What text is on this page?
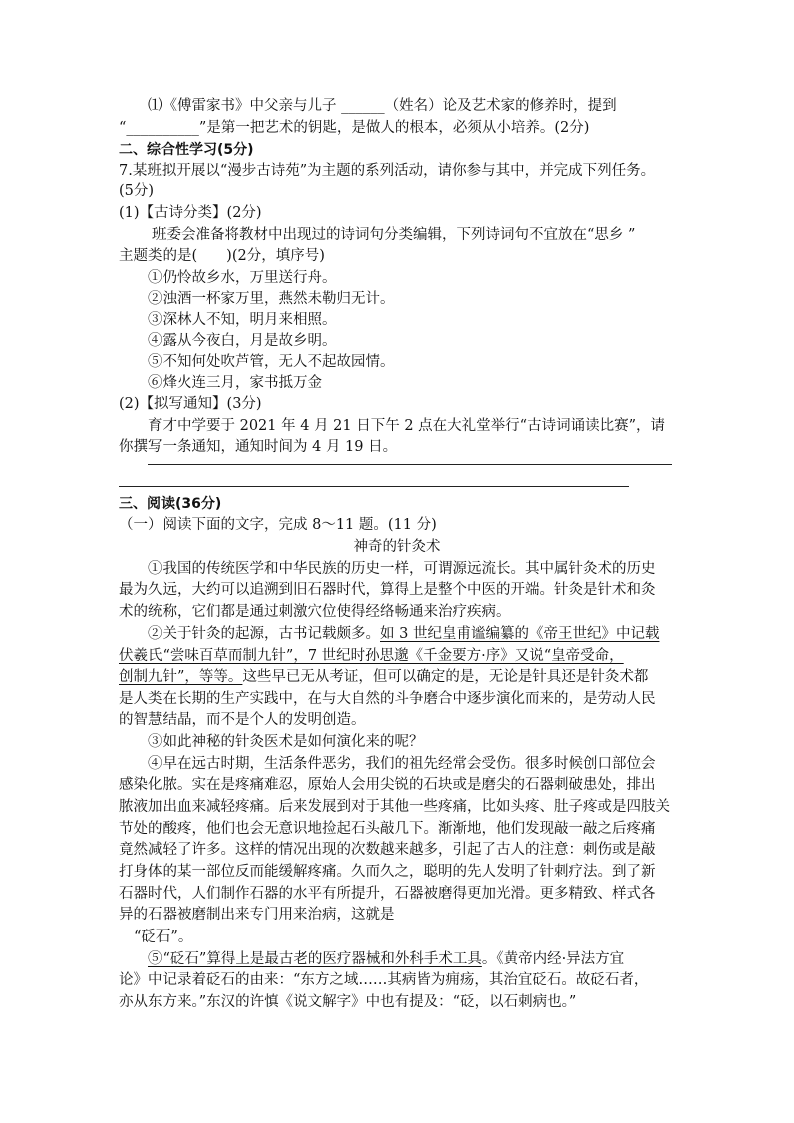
⑴《傅雷家书》中父亲与儿子 ______（姓名）论及艺术家的修养时，提到
“__________”是第一把艺术的钥匙，是做人的根本，必须从小培养。(2分)
二、综合性学习(5分)
7.某班拟开展以“漫步古诗苑”为主题的系列活动，请你参与其中，并完成下列任务。
(5分)
(1)【古诗分类】(2分)
班委会准备将教材中出现过的诗词句分类编辑，下列诗词句不宜放在“思乡 ”
主题类的是(　　)(2分，填序号)
①仍怜故乡水，万里送行舟。
②浊酒一杯家万里，燕然未勒归无计。
③深林人不知，明月来相照。
④露从今夜白，月是故乡明。
⑤不知何处吹芦管，无人不起故园情。
⑥烽火连三月，家书抵万金
(2)【拟写通知】(3分)
育才中学要于 2021 年 4 月 21 日下午 2 点在大礼堂举行“古诗词诵读比赛”，请
你撰写一条通知，通知时间为 4 月 19 日。
三、阅读(36分)
（一）阅读下面的文字，完成 8～11 题。(11 分)
神奇的针灸术
①我国的传统医学和中华民族的历史一样，可谓源远流长。其中属针灸术的历史
最为久远，大约可以追溯到旧石器时代，算得上是整个中医的开端。针灸是针术和灸
术的统称，它们都是通过刺激穴位使得经络畅通来治疗疾病。
②关于针灸的起源，古书记载颇多。如 3 世纪皇甫谧编纂的《帝王世纪》中记载
伏羲氏“尝味百草而制九针”，7 世纪时孙思邈《千金要方·序》又说“皇帝受命，
创制九针”，等等。这些早已无从考证，但可以确定的是，无论是针具还是针灸术都
是人类在长期的生产实践中，在与大自然的斗争磨合中逐步演化而来的，是劳动人民
的智慧结晶，而不是个人的发明创造。
③如此神秘的针灸医术是如何演化来的呢？
④早在远古时期，生活条件恶劣，我们的祖先经常会受伤。很多时候创口部位会
感染化脓。实在是疼痛难忍，原始人会用尖锐的石块或是磨尖的石器刺破患处，排出
脓液加出血来减轻疼痛。后来发展到对于其他一些疼痛，比如头疼、肚子疼或是四肢关
节处的酸疼，他们也会无意识地捡起石头敲几下。渐渐地，他们发现敲一敲之后疼痛
竟然减轻了许多。这样的情况出现的次数越来越多，引起了古人的注意：刺伤或是敲
打身体的某一部位反而能缓解疼痛。久而久之，聪明的先人发明了针刺疗法。到了新
石器时代，人们制作石器的水平有所提升，石器被磨得更加光滑。更多精致、样式各
异的石器被磨制出来专门用来治病，这就是
“砭石”。
⑤“砭石”算得上是最古老的医疗器械和外科手术工具。《黄帝内经·异法方宜
论》中记录着砭石的由来：“东方之域……其病皆为痈疡，其治宜砭石。故砭石者，
亦从东方来。”东汉的许慎《说文解字》中也有提及：“砭，以石刺病也。”
